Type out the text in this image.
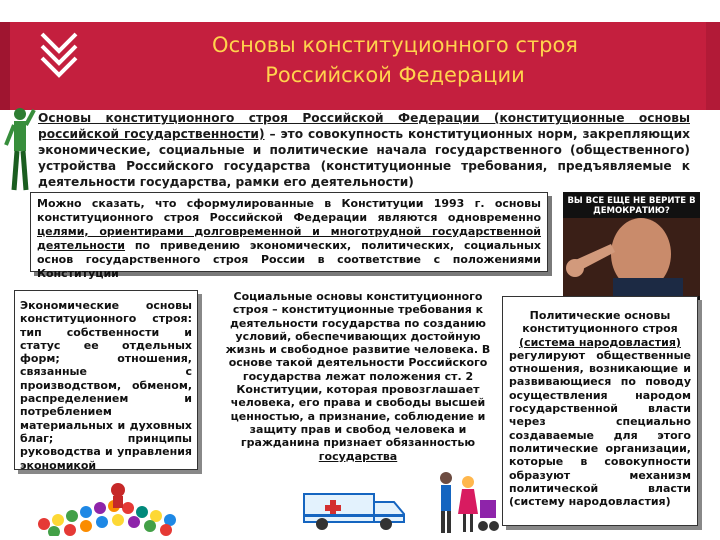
Основы конституционного строя
Российской Федерации
Основы конституционного строя Российской Федерации (конституционные основы российской государственности) – это совокупность конституционных норм, закрепляющих экономические, социальные и политические начала государственного (общественного) устройства Российского государства (конституционные требования, предъявляемые к деятельности государства, рамки его деятельности)
Можно сказать, что сформулированные в Конституции 1993 г. основы конституционного строя Российской Федерации являются одновременно целями, ориентирами долговременной и многотрудной государственной деятельности по приведению экономических, политических, социальных основ государственного строя России в соответствие с положениями Конституции
ВЫ ВСЕ ЕЩЕ НЕ ВЕРИТЕ В ДЕМОКРАТИЮ?
Экономические основы конституционного строя: тип собственности и статус ее отдельных форм; отношения, связанные с производством, обменом, распределением и потреблением материальных и духовных благ; принципы руководства и управления экономикой
Социальные основы конституционного строя – конституционные требования к деятельности государства по созданию условий, обеспечивающих достойную жизнь и свободное развитие человека. В основе такой деятельности Российского государства лежат положения ст. 2 Конституции, которая провозглашает человека, его права и свободы высшей ценностью, а признание, соблюдение и защиту прав и свобод человека и гражданина признает обязанностью государства
Политические основы конституционного строя
(система народовластия)
регулируют общественные отношения, возникающие и развивающиеся по поводу осуществления народом государственной власти через специально создаваемые для этого политические организации, которые в совокупности образуют механизм политической власти (систему народовластия)
